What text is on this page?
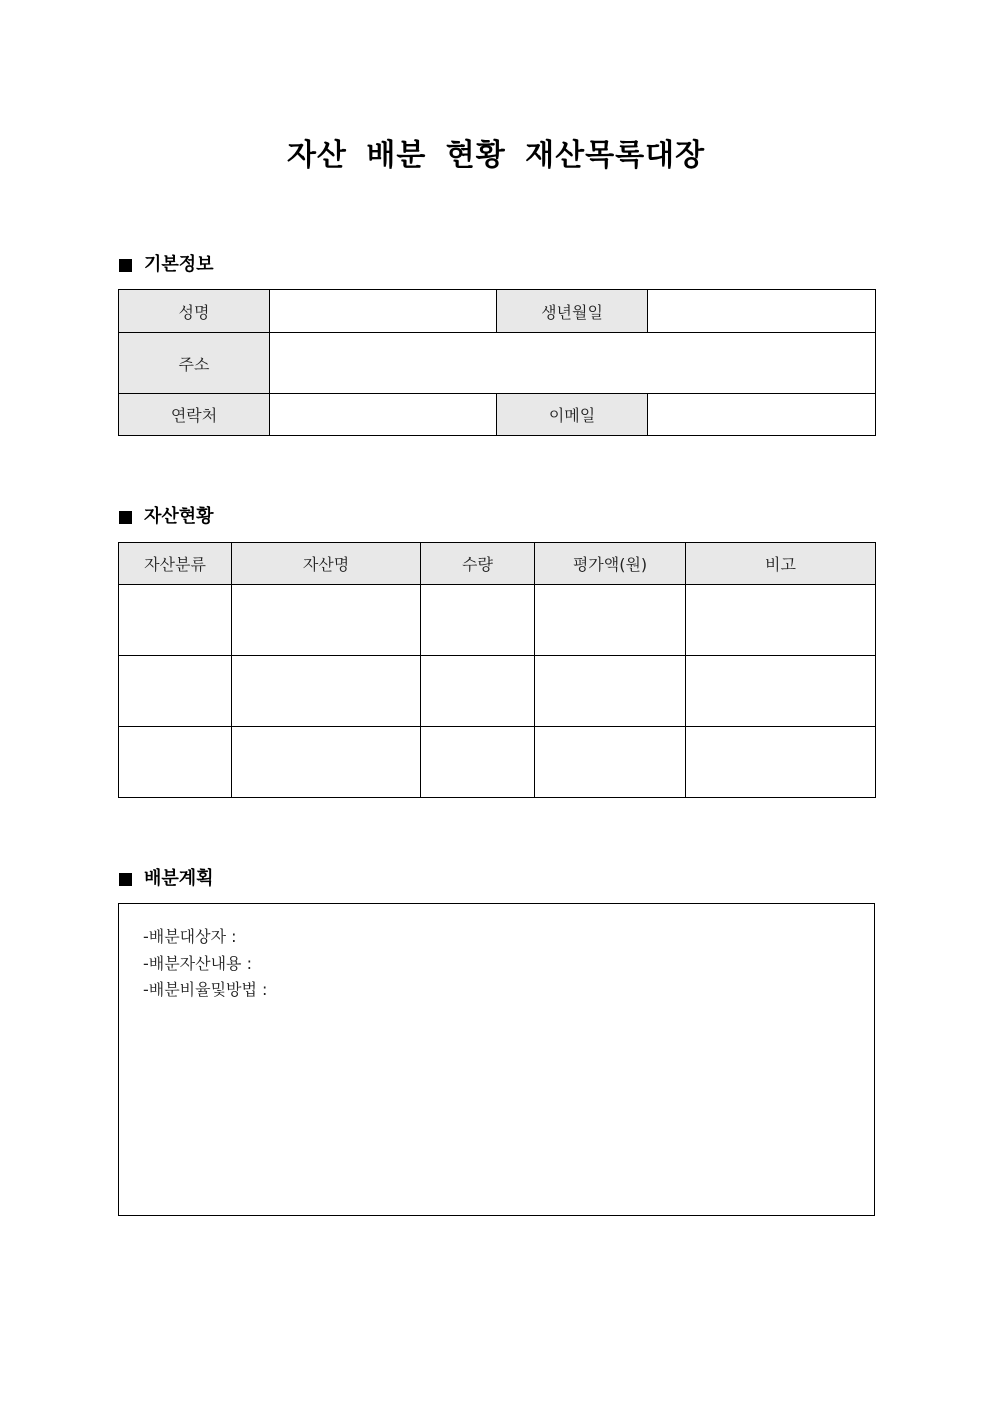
자산 배분 현황 재산목록대장
기본정보
성명		생년월일	
주소			
연락처		이메일	
자산현황
자산분류	자산명	수량	평가액(원)	비고

배분계획
-배분대상자 :
-배분자산내용 :
-배분비율및방법 :
